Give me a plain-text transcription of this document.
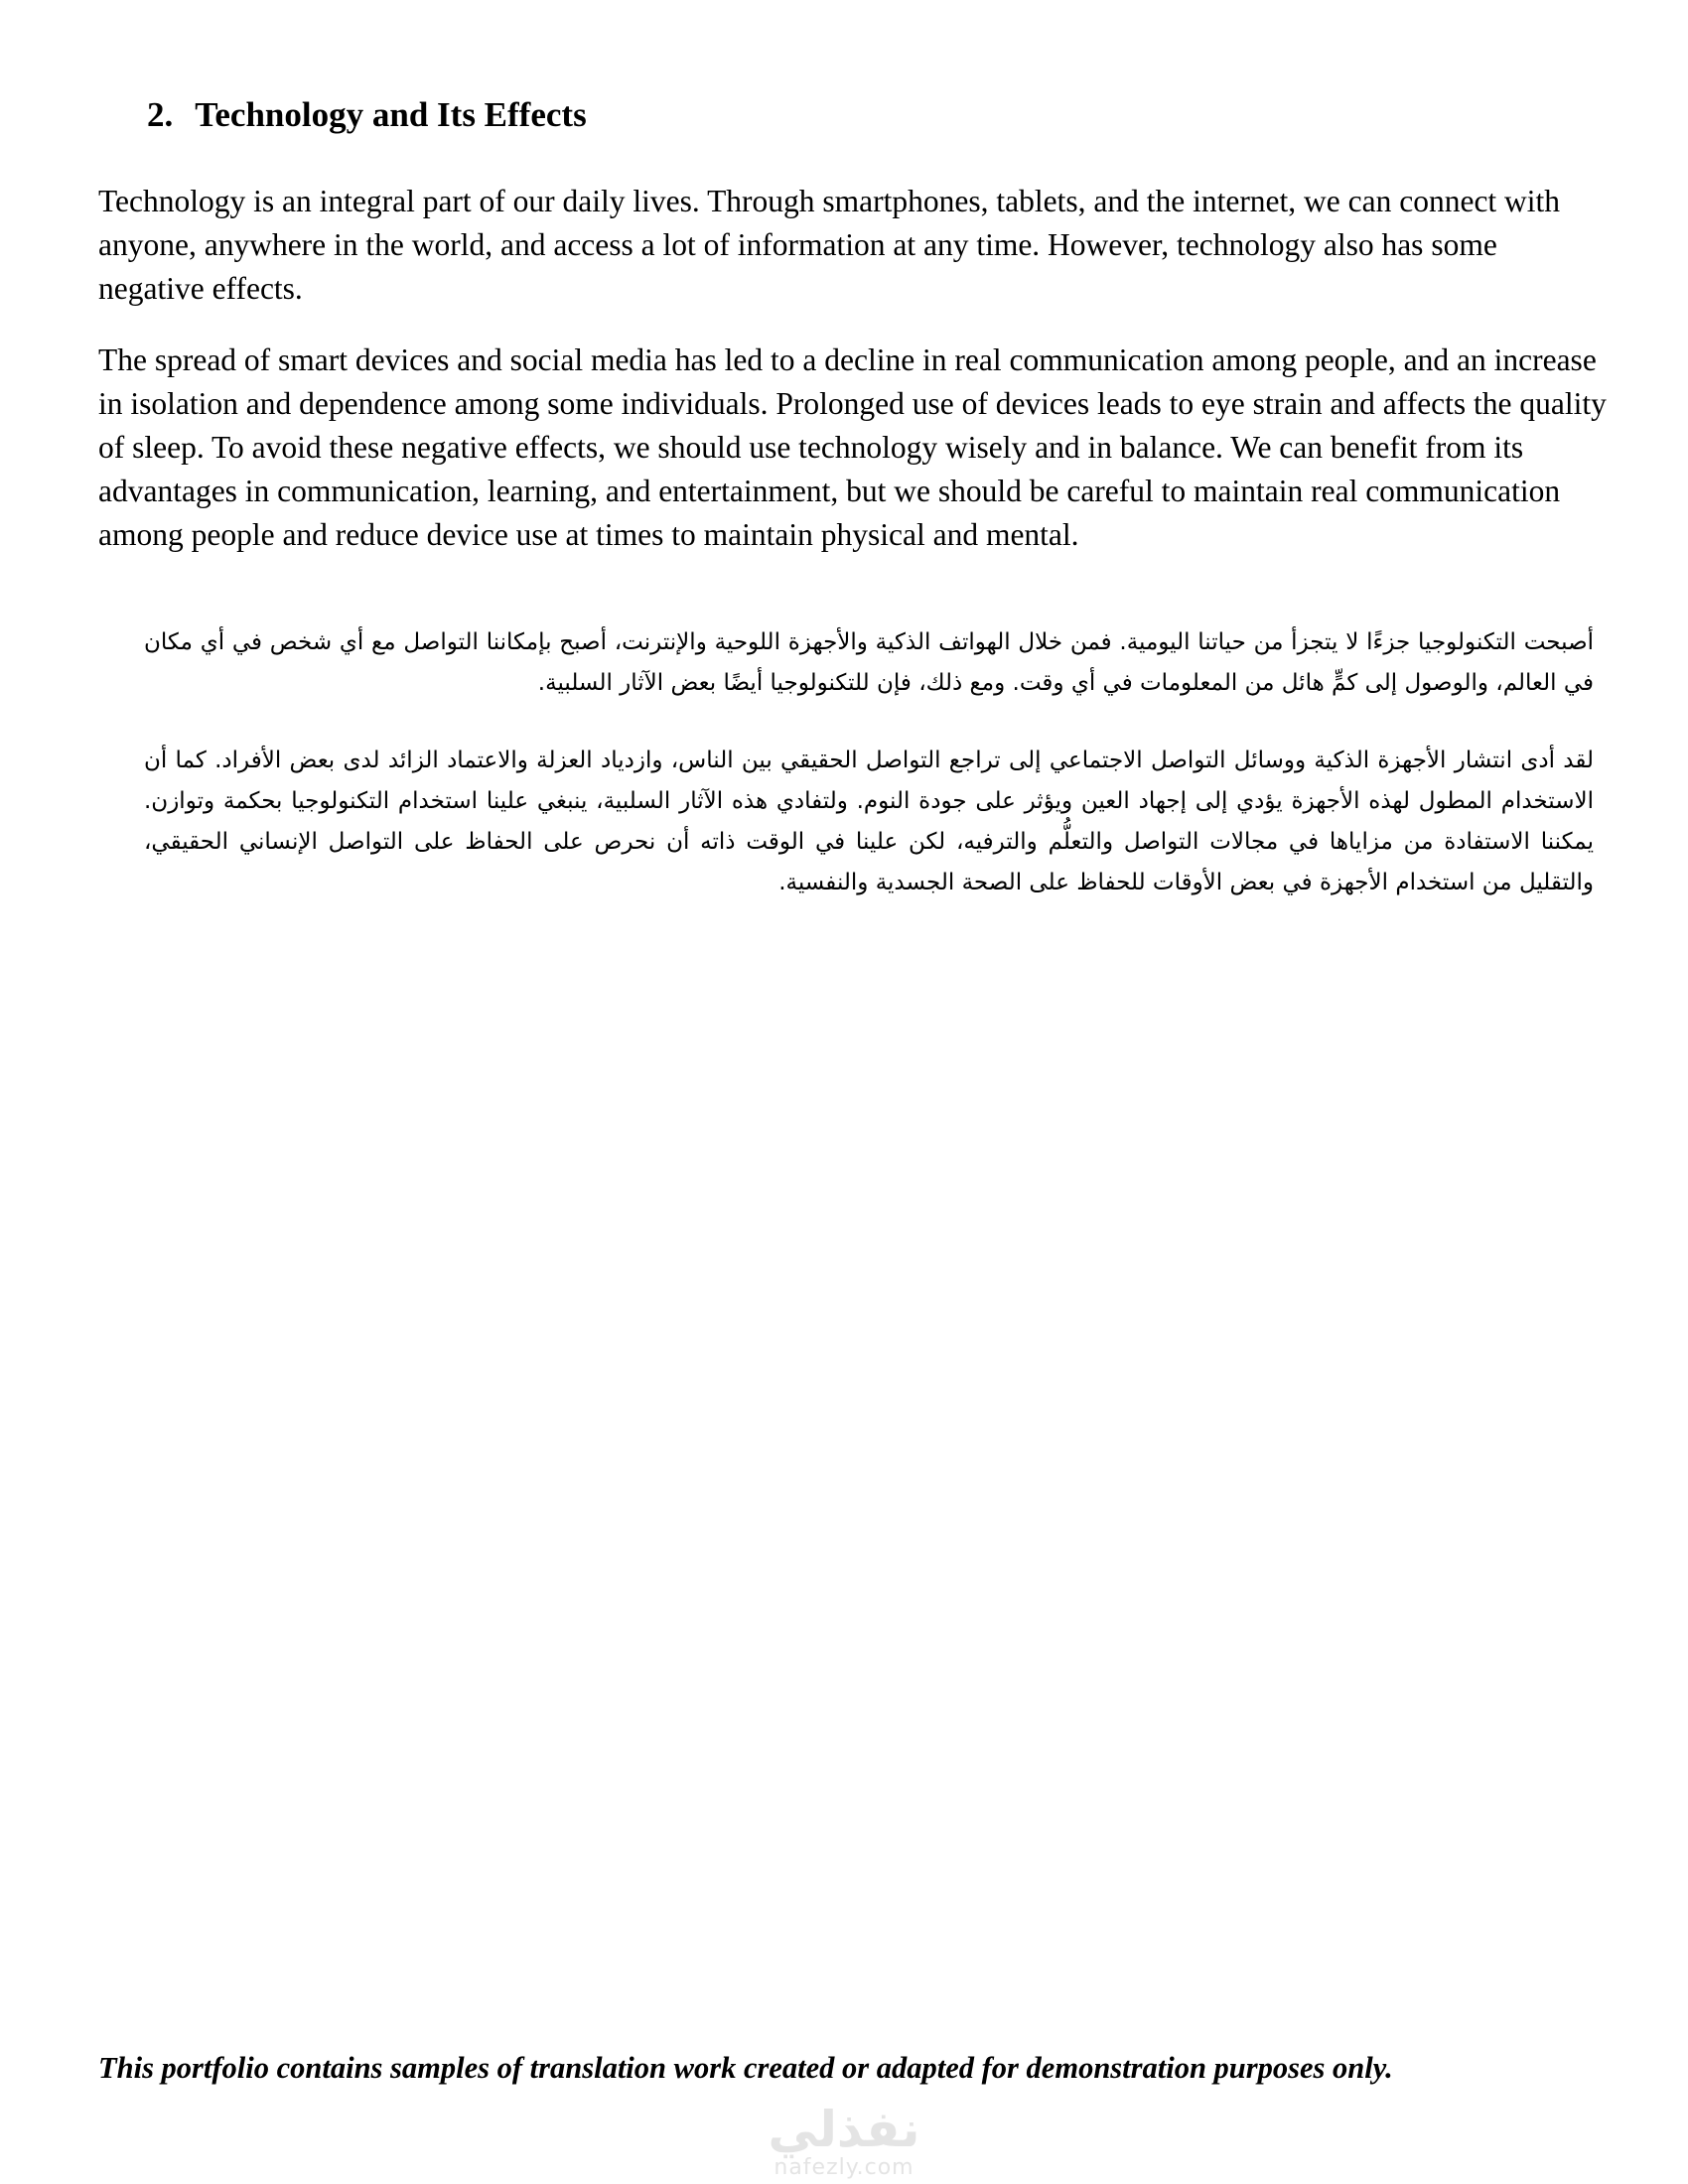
2. Technology and Its Effects

Technology is an integral part of our daily lives. Through smartphones, tablets, and the internet, we can connect with anyone, anywhere in the world, and access a lot of information at any time. However, technology also has some negative effects.

The spread of smart devices and social media has led to a decline in real communication among people, and an increase in isolation and dependence among some individuals. Prolonged use of devices leads to eye strain and affects the quality of sleep. To avoid these negative effects, we should use technology wisely and in balance. We can benefit from its advantages in communication, learning, and entertainment, but we should be careful to maintain real communication among people and reduce device use at times to maintain physical and mental.

أصبحت التكنولوجيا جزءًا لا يتجزأ من حياتنا اليومية. فمن خلال الهواتف الذكية والأجهزة اللوحية والإنترنت، أصبح بإمكاننا التواصل مع أي شخص في أي مكان في العالم، والوصول إلى كمٍّ هائل من المعلومات في أي وقت. ومع ذلك، فإن للتكنولوجيا أيضًا بعض الآثار السلبية.

لقد أدى انتشار الأجهزة الذكية ووسائل التواصل الاجتماعي إلى تراجع التواصل الحقيقي بين الناس، وازدياد العزلة والاعتماد الزائد لدى بعض الأفراد. كما أن الاستخدام المطول لهذه الأجهزة يؤدي إلى إجهاد العين ويؤثر على جودة النوم. ولتفادي هذه الآثار السلبية، ينبغي علينا استخدام التكنولوجيا بحكمة وتوازن. يمكننا الاستفادة من مزاياها في مجالات التواصل والتعلُّم والترفيه، لكن علينا في الوقت ذاته أن نحرص على الحفاظ على التواصل الإنساني الحقيقي، والتقليل من استخدام الأجهزة في بعض الأوقات للحفاظ على الصحة الجسدية والنفسية.

This portfolio contains samples of translation work created or adapted for demonstration purposes only.

نفذلي
nafezly.com
